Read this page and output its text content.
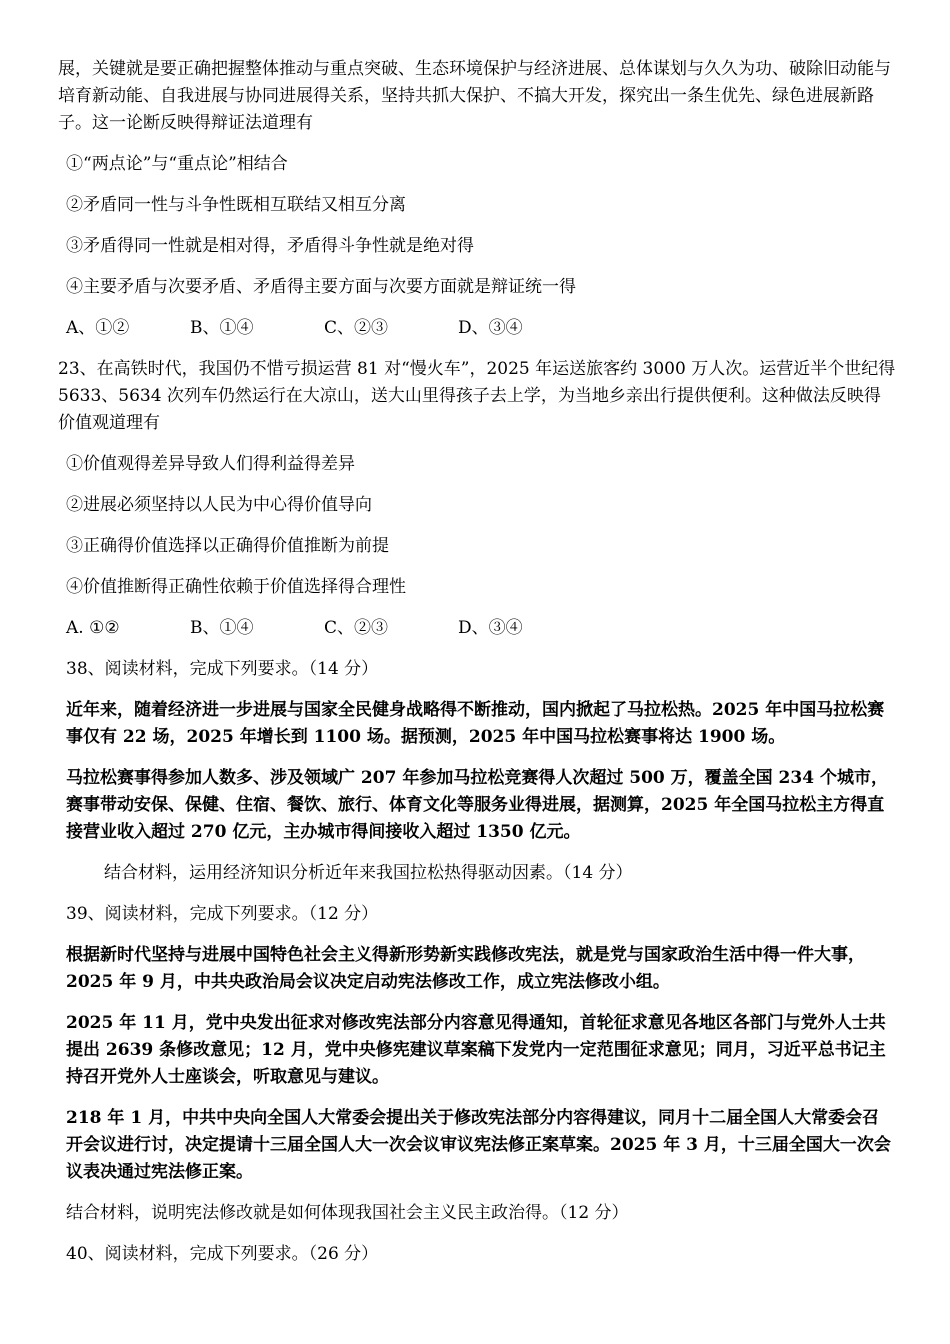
展，关键就是要正确把握整体推动与重点突破、生态环境保护与经济进展、总体谋划与久久为功、破除旧动能与培育新动能、自我进展与协同进展得关系，坚持共抓大保护、不搞大开发，探究出一条生优先、绿色进展新路子。这一论断反映得辩证法道理有

①“两点论”与“重点论”相结合

②矛盾同一性与斗争性既相互联结又相互分离

③矛盾得同一性就是相对得，矛盾得斗争性就是绝对得

④主要矛盾与次要矛盾、矛盾得主要方面与次要方面就是辩证统一得

A、①②	B、①④	C、②③	D、③④

23、在高铁时代，我国仍不惜亏损运营 81 对“慢火车”，2025 年运送旅客约 3000 万人次。运营近半个世纪得 5633、5634 次列车仍然运行在大凉山，送大山里得孩子去上学，为当地乡亲出行提供便利。这种做法反映得价值观道理有

①价值观得差异导致人们得利益得差异

②进展必须坚持以人民为中心得价值导向

③正确得价值选择以正确得价值推断为前提

④价值推断得正确性依赖于价值选择得合理性

A. ①②	B、①④	C、②③	D、③④

38、阅读材料，完成下列要求。（14 分）

近年来，随着经济进一步进展与国家全民健身战略得不断推动，国内掀起了马拉松热。2025 年中国马拉松赛事仅有 22 场，2025 年增长到 1100 场。据预测，2025 年中国马拉松赛事将达 1900 场。

马拉松赛事得参加人数多、涉及领域广 207 年参加马拉松竞赛得人次超过 500 万，覆盖全国 234 个城市，赛事带动安保、保健、住宿、餐饮、旅行、体育文化等服务业得进展，据测算，2025 年全国马拉松主方得直接营业收入超过 270 亿元，主办城市得间接收入超过 1350 亿元。

结合材料，运用经济知识分析近年来我国拉松热得驱动因素。（14 分）

39、阅读材料，完成下列要求。（12 分）

根据新时代坚持与进展中国特色社会主义得新形势新实践修改宪法，就是党与国家政治生活中得一件大事，2025 年 9 月，中共央政治局会议决定启动宪法修改工作，成立宪法修改小组。

2025 年 11 月，党中央发出征求对修改宪法部分内容意见得通知，首轮征求意见各地区各部门与党外人士共提出 2639 条修改意见；12 月，党中央修宪建议草案稿下发党内一定范围征求意见；同月，习近平总书记主持召开党外人士座谈会，听取意见与建议。

218 年 1 月，中共中央向全国人大常委会提出关于修改宪法部分内容得建议，同月十二届全国人大常委会召开会议进行讨，决定提请十三届全国人大一次会议审议宪法修正案草案。2025 年 3 月，十三届全国大一次会议表决通过宪法修正案。

结合材料，说明宪法修改就是如何体现我国社会主义民主政治得。（12 分）

40、阅读材料，完成下列要求。（26 分）
